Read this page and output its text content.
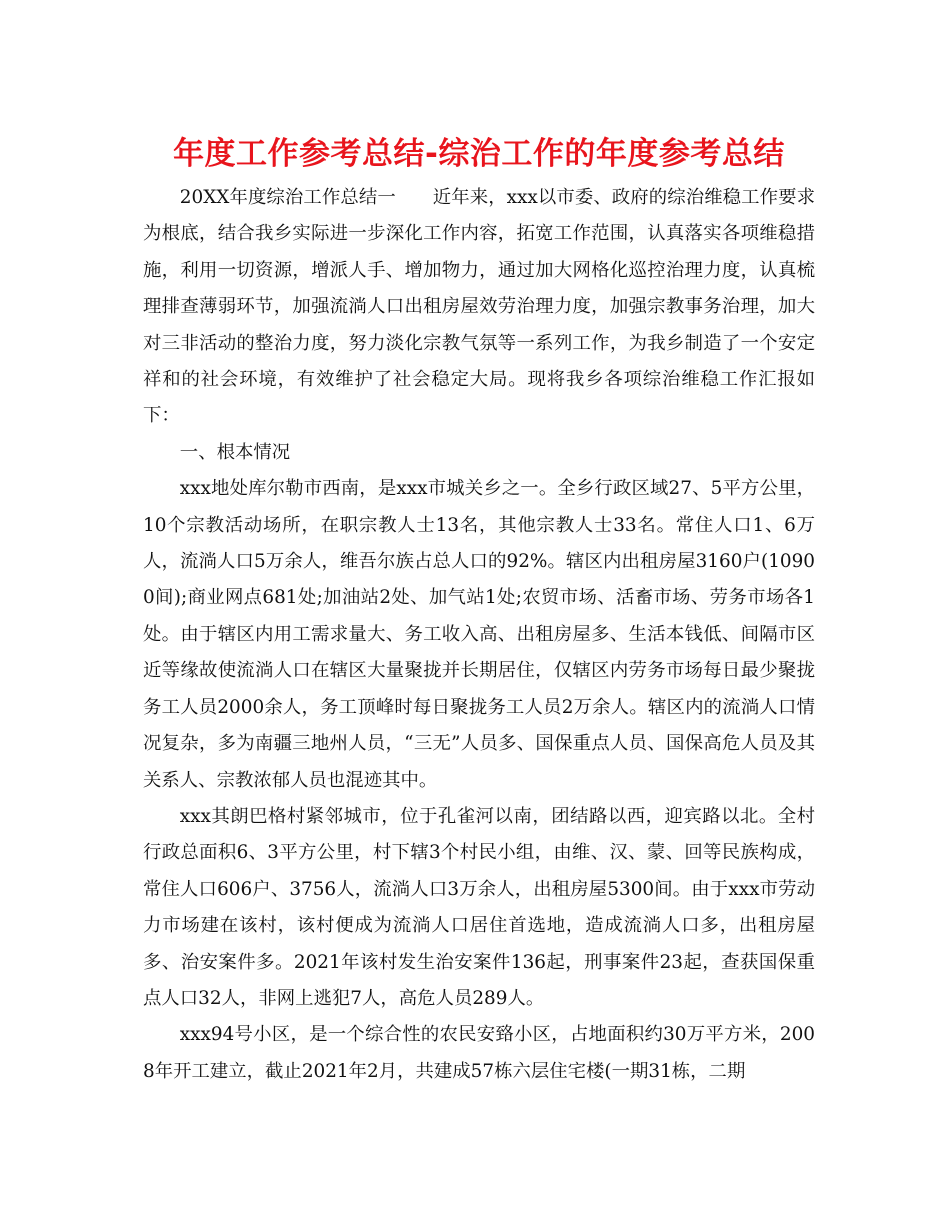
年度工作参考总结-综治工作的年度参考总结

20XX年度综治工作总结一　　近年来，xxx以市委、政府的综治维稳工作要求为根底，结合我乡实际进一步深化工作内容，拓宽工作范围，认真落实各项维稳措施，利用一切资源，增派人手、增加物力，通过加大网格化巡控治理力度，认真梳理排查薄弱环节，加强流淌人口出租房屋效劳治理力度，加强宗教事务治理，加大对三非活动的整治力度，努力淡化宗教气氛等一系列工作，为我乡制造了一个安定祥和的社会环境，有效维护了社会稳定大局。现将我乡各项综治维稳工作汇报如下：

一、根本情况

xxx地处库尔勒市西南，是xxx市城关乡之一。全乡行政区域27、5平方公里，10个宗教活动场所，在职宗教人士13名，其他宗教人士33名。常住人口1、6万人，流淌人口5万余人，维吾尔族占总人口的92%。辖区内出租房屋3160户(10900间);商业网点681处;加油站2处、加气站1处;农贸市场、活畜市场、劳务市场各1处。由于辖区内用工需求量大、务工收入高、出租房屋多、生活本钱低、间隔市区近等缘故使流淌人口在辖区大量聚拢并长期居住，仅辖区内劳务市场每日最少聚拢务工人员2000余人，务工顶峰时每日聚拢务工人员2万余人。辖区内的流淌人口情况复杂，多为南疆三地州人员，“三无”人员多、国保重点人员、国保高危人员及其关系人、宗教浓郁人员也混迹其中。

xxx其朗巴格村紧邻城市，位于孔雀河以南，团结路以西，迎宾路以北。全村行政总面积6、3平方公里，村下辖3个村民小组，由维、汉、蒙、回等民族构成，常住人口606户、3756人，流淌人口3万余人，出租房屋5300间。由于xxx市劳动力市场建在该村，该村便成为流淌人口居住首选地，造成流淌人口多，出租房屋多、治安案件多。2021年该村发生治安案件136起，刑事案件23起，查获国保重点人口32人，非网上逃犯7人，高危人员289人。

xxx94号小区，是一个综合性的农民安臵小区，占地面积约30万平方米，2008年开工建立，截止2021年2月，共建成57栋六层住宅楼(一期31栋，二期
